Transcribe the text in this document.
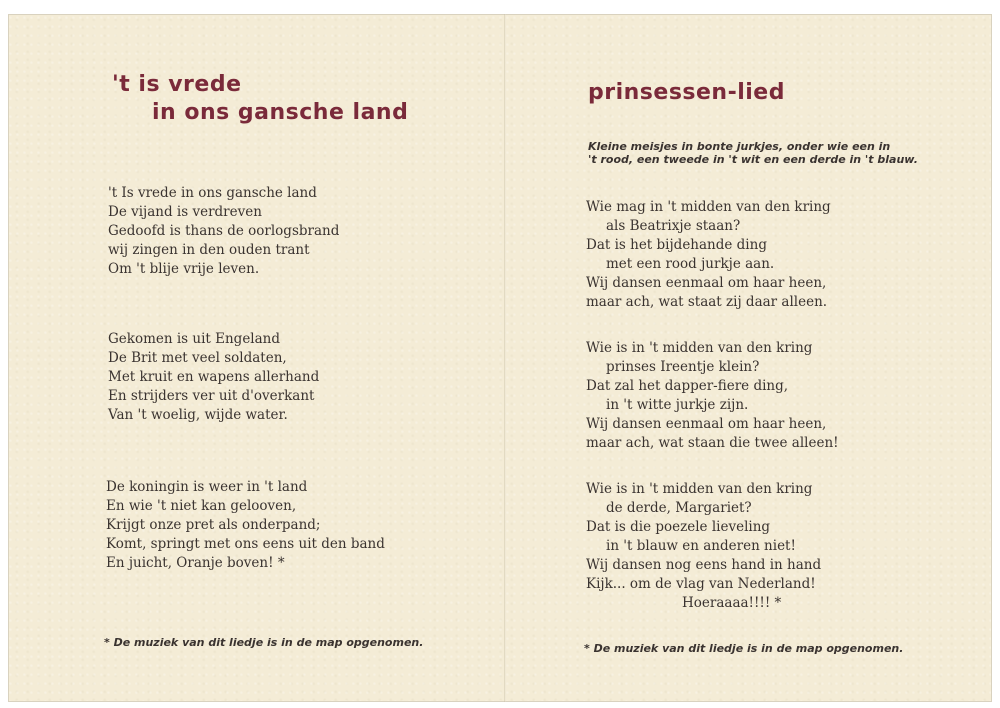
't is vrede
in ons gansche land
't Is vrede in ons gansche land
De vijand is verdreven
Gedoofd is thans de oorlogsbrand
wij zingen in den ouden trant
Om 't blije vrije leven.
Gekomen is uit Engeland
De Brit met veel soldaten,
Met kruit en wapens allerhand
En strijders ver uit d'overkant
Van 't woelig, wijde water.
De koningin is weer in 't land
En wie 't niet kan gelooven,
Krijgt onze pret als onderpand;
Komt, springt met ons eens uit den band
En juicht, Oranje boven! *
* De muziek van dit liedje is in de map opgenomen.
prinsessen-lied
Kleine meisjes in bonte jurkjes, onder wie een in
't rood, een tweede in 't wit en een derde in 't blauw.
Wie mag in 't midden van den kring
als Beatrixje staan?
Dat is het bijdehande ding
met een rood jurkje aan.
Wij dansen eenmaal om haar heen,
maar ach, wat staat zij daar alleen.
Wie is in 't midden van den kring
prinses Ireentje klein?
Dat zal het dapper-fiere ding,
in 't witte jurkje zijn.
Wij dansen eenmaal om haar heen,
maar ach, wat staan die twee alleen!
Wie is in 't midden van den kring
de derde, Margariet?
Dat is die poezele lieveling
in 't blauw en anderen niet!
Wij dansen nog eens hand in hand
Kijk... om de vlag van Nederland!
Hoeraaaa!!!! *
* De muziek van dit liedje is in de map opgenomen.
